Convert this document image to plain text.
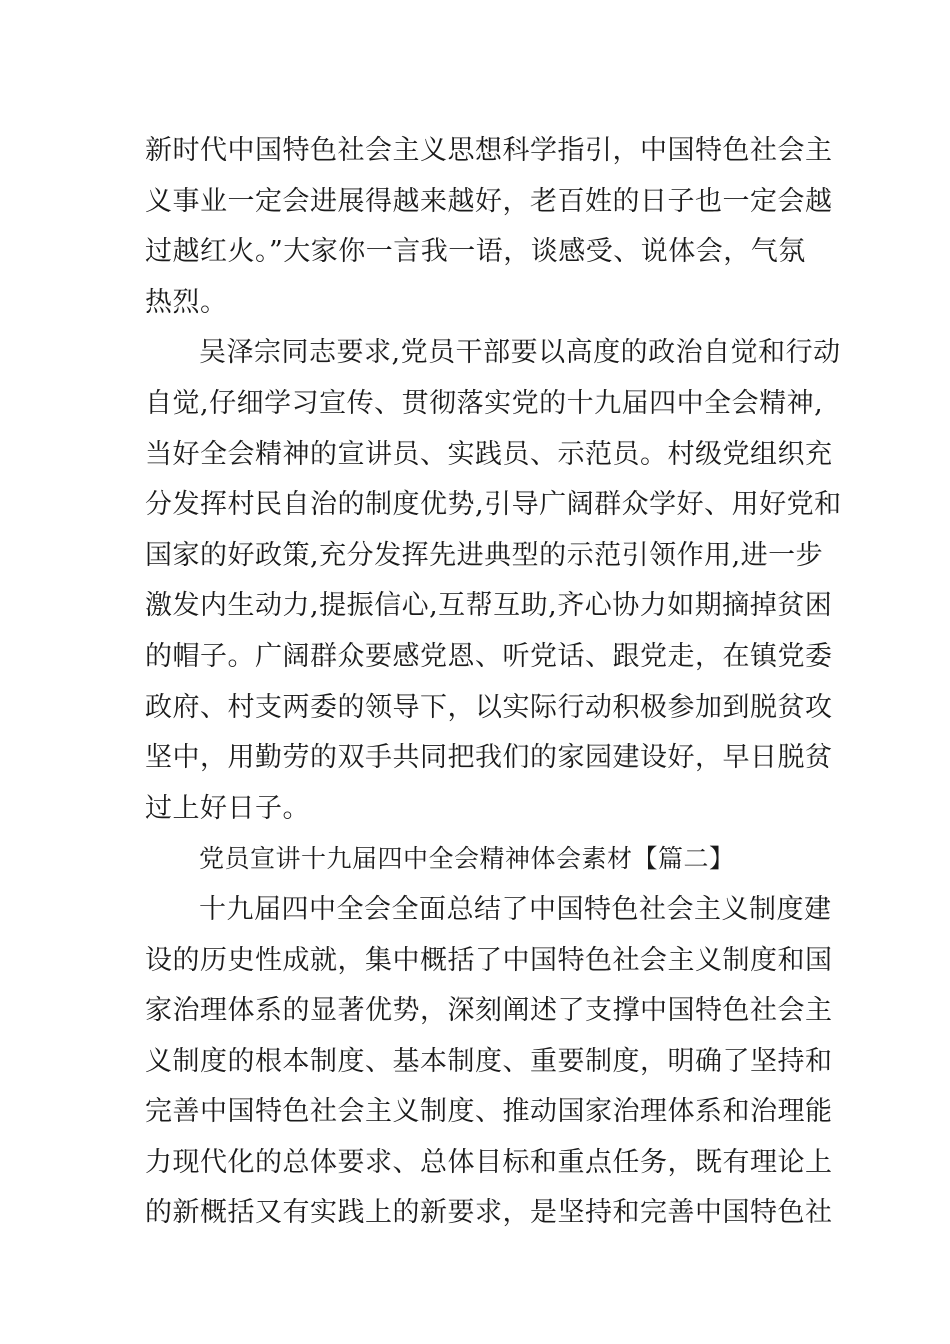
新时代中国特色社会主义思想科学指引，中国特色社会主
义事业一定会进展得越来越好，老百姓的日子也一定会越
过越红火。”大家你一言我一语，谈感受、说体会，气氛
热烈。
吴泽宗同志要求,党员干部要以高度的政治自觉和行动
自觉,仔细学习宣传、贯彻落实党的十九届四中全会精神,
当好全会精神的宣讲员、实践员、示范员。村级党组织充
分发挥村民自治的制度优势,引导广阔群众学好、用好党和
国家的好政策,充分发挥先进典型的示范引领作用,进一步
激发内生动力,提振信心,互帮互助,齐心协力如期摘掉贫困
的帽子。广阔群众要感党恩、听党话、跟党走，在镇党委
政府、村支两委的领导下，以实际行动积极参加到脱贫攻
坚中，用勤劳的双手共同把我们的家园建设好，早日脱贫
过上好日子。
党员宣讲十九届四中全会精神体会素材【篇二】
十九届四中全会全面总结了中国特色社会主义制度建
设的历史性成就，集中概括了中国特色社会主义制度和国
家治理体系的显著优势，深刻阐述了支撑中国特色社会主
义制度的根本制度、基本制度、重要制度，明确了坚持和
完善中国特色社会主义制度、推动国家治理体系和治理能
力现代化的总体要求、总体目标和重点任务，既有理论上
的新概括又有实践上的新要求，是坚持和完善中国特色社
